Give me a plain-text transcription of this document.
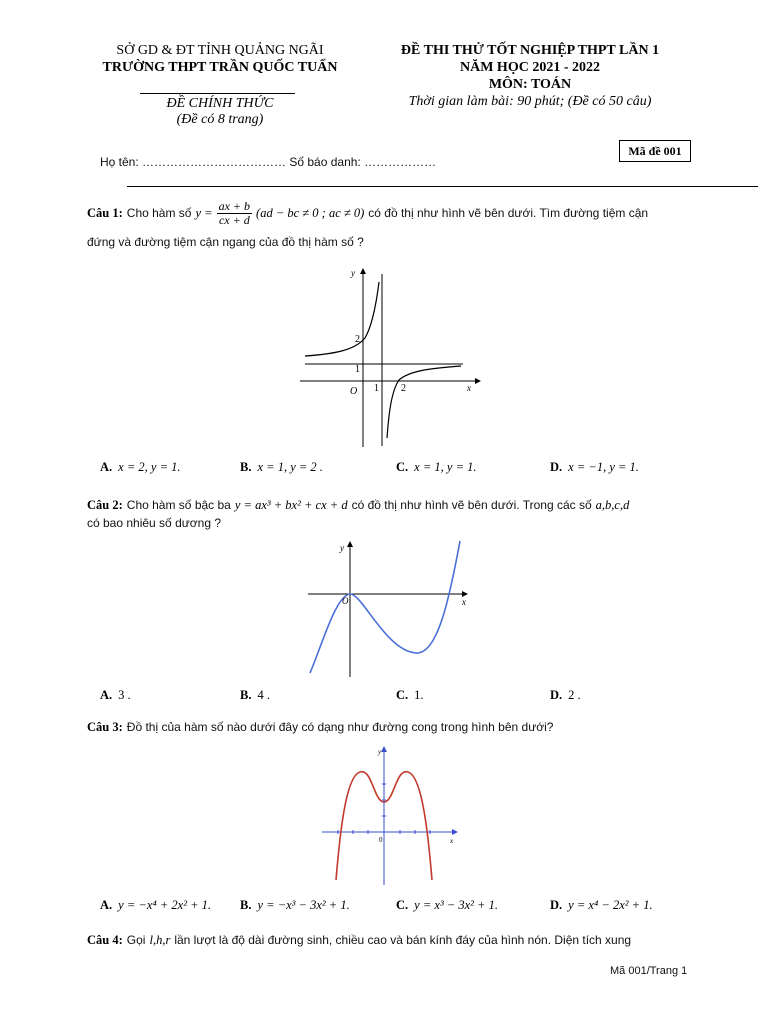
SỞ GD & ĐT TỈNH QUẢNG NGÃI
TRƯỜNG THPT TRẦN QUỐC TUẤN
ĐỀ CHÍNH THỨC
(Đề có 8 trang)
ĐỀ THI THỬ TỐT NGHIỆP THPT LẦN 1
NĂM HỌC 2021 - 2022
MÔN: TOÁN
Thời gian làm bài: 90 phút; (Đề có 50 câu)
Mã đề 001
Họ tên: ……………………………… Số báo danh: ………………
Câu 1: Cho hàm số $y = \frac{ax + b}{cx + d} (ad$ − bc ≠ 0 ; ac ≠ 0) có đồ thị như hình vẽ bên dưới. Tìm đường tiệm cận
đứng và đường tiệm cận ngang của đồ thị hàm số ?
y
x
O 1 2
1
2
A. x = 2, y = 1.	B. x = 1, y = 2 .	C. x = 1, y = 1.	D. x = −1, y = 1.
Câu 2: Cho hàm số bậc ba y = ax³ + bx² + cx + d có đồ thị như hình vẽ bên dưới. Trong các số a,b,c,d
có bao nhiêu số dương ?
y
x
O
A. 3 .	B. 4 .	C. 1.	D. 2 .
Câu 3: Đồ thị của hàm số nào dưới đây có dạng như đường cong trong hình bên dưới?
y
x
0
A. y = −x⁴ + 2x² + 1. B. y = −x³ − 3x² + 1.	C. y = x³ − 3x² + 1.	D. y = x⁴ − 2x² + 1.
Câu 4: Gọi l,h,r lần lượt là độ dài đường sinh, chiều cao và bán kính đáy của hình nón. Diện tích xung
Mã 001/Trang 1
